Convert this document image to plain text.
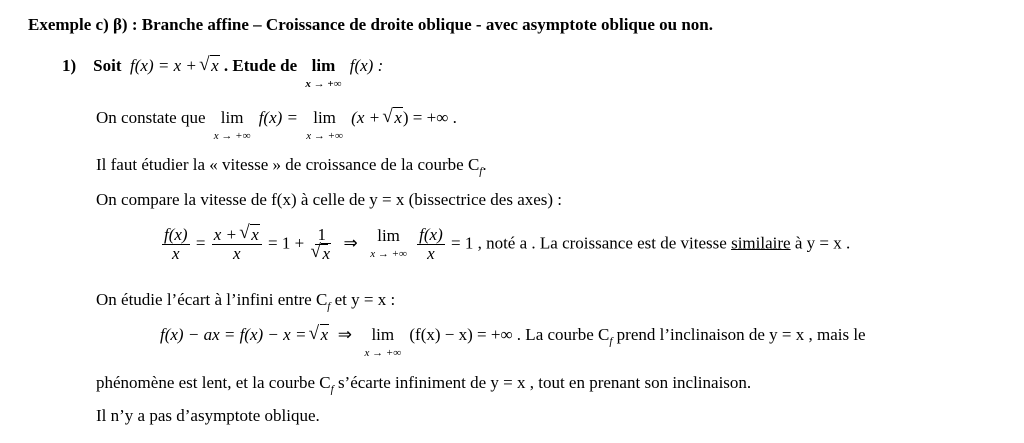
Exemple c) β) : Branche affine – Croissance de droite oblique - avec asymptote oblique ou non.
1) Soit f(x) = x + √ x . Etude de lim
x → +∞
f(x) :
On constate que lim
x → +∞
f(x) = lim
x → +∞
(x + √ x) = +∞ .
Il faut étudier la « vitesse » de croissance de la courbe $C_f$.
On compare la vitesse de f(x) à celle de y = x (bissectrice des axes) :
$\frac{f(x)}{x} = \frac{x + √ x}{x} = 1 + 1$
√ x ⇒ lim
x → +∞
$\frac{f(x)}{x} = 1$ , noté a . La croissance est de vitesse similaire à y = x .
On étudie l’écart à l’infini entre $C_f$ et y = x :
f(x) − ax = f(x) − x = √ x ⇒ lim
x → +∞
(f(x) − x) = +∞ . La courbe $C_f$ prend l’inclinaison de y = x , mais le
phénomène est lent, et la courbe $C_f$ s’écarte infiniment de y = x , tout en prenant son inclinaison.
Il n’y a pas d’asymptote oblique.
